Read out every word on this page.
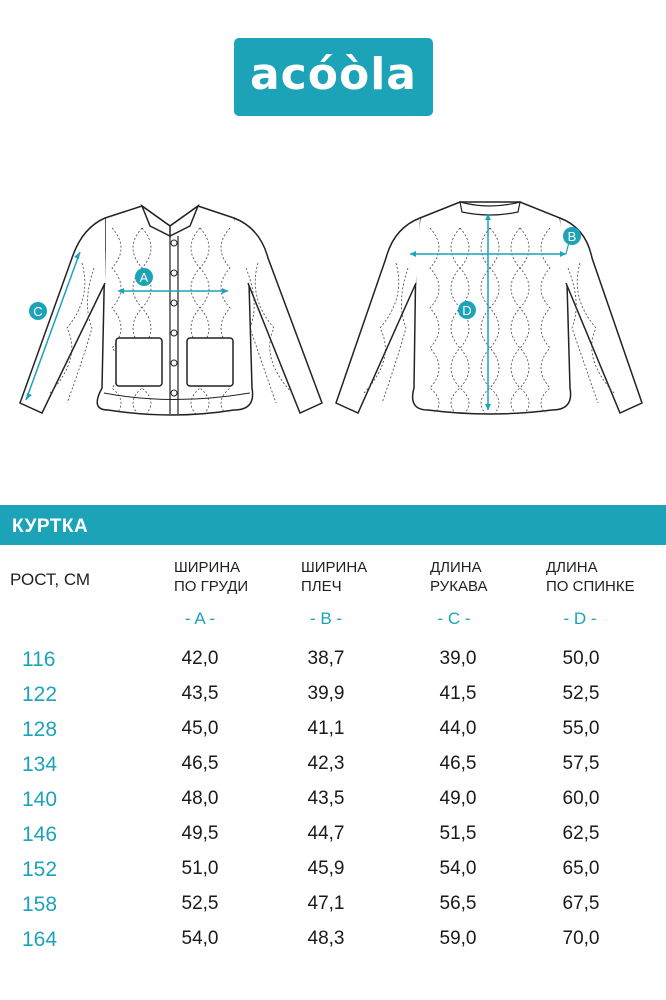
acóòla
A
C
B
D
КУРТКА
РОСТ, СМ
ШИРИНА
ПО ГРУДИ
ШИРИНА
ПЛЕЧ
ДЛИНА
РУКАВА
ДЛИНА
ПО СПИНКЕ
- A -	- B -	- C -	- D -
116	42,0	38,7	39,0	50,0
122	43,5	39,9	41,5	52,5
128	45,0	41,1	44,0	55,0
134	46,5	42,3	46,5	57,5
140	48,0	43,5	49,0	60,0
146	49,5	44,7	51,5	62,5
152	51,0	45,9	54,0	65,0
158	52,5	47,1	56,5	67,5
164	54,0	48,3	59,0	70,0
